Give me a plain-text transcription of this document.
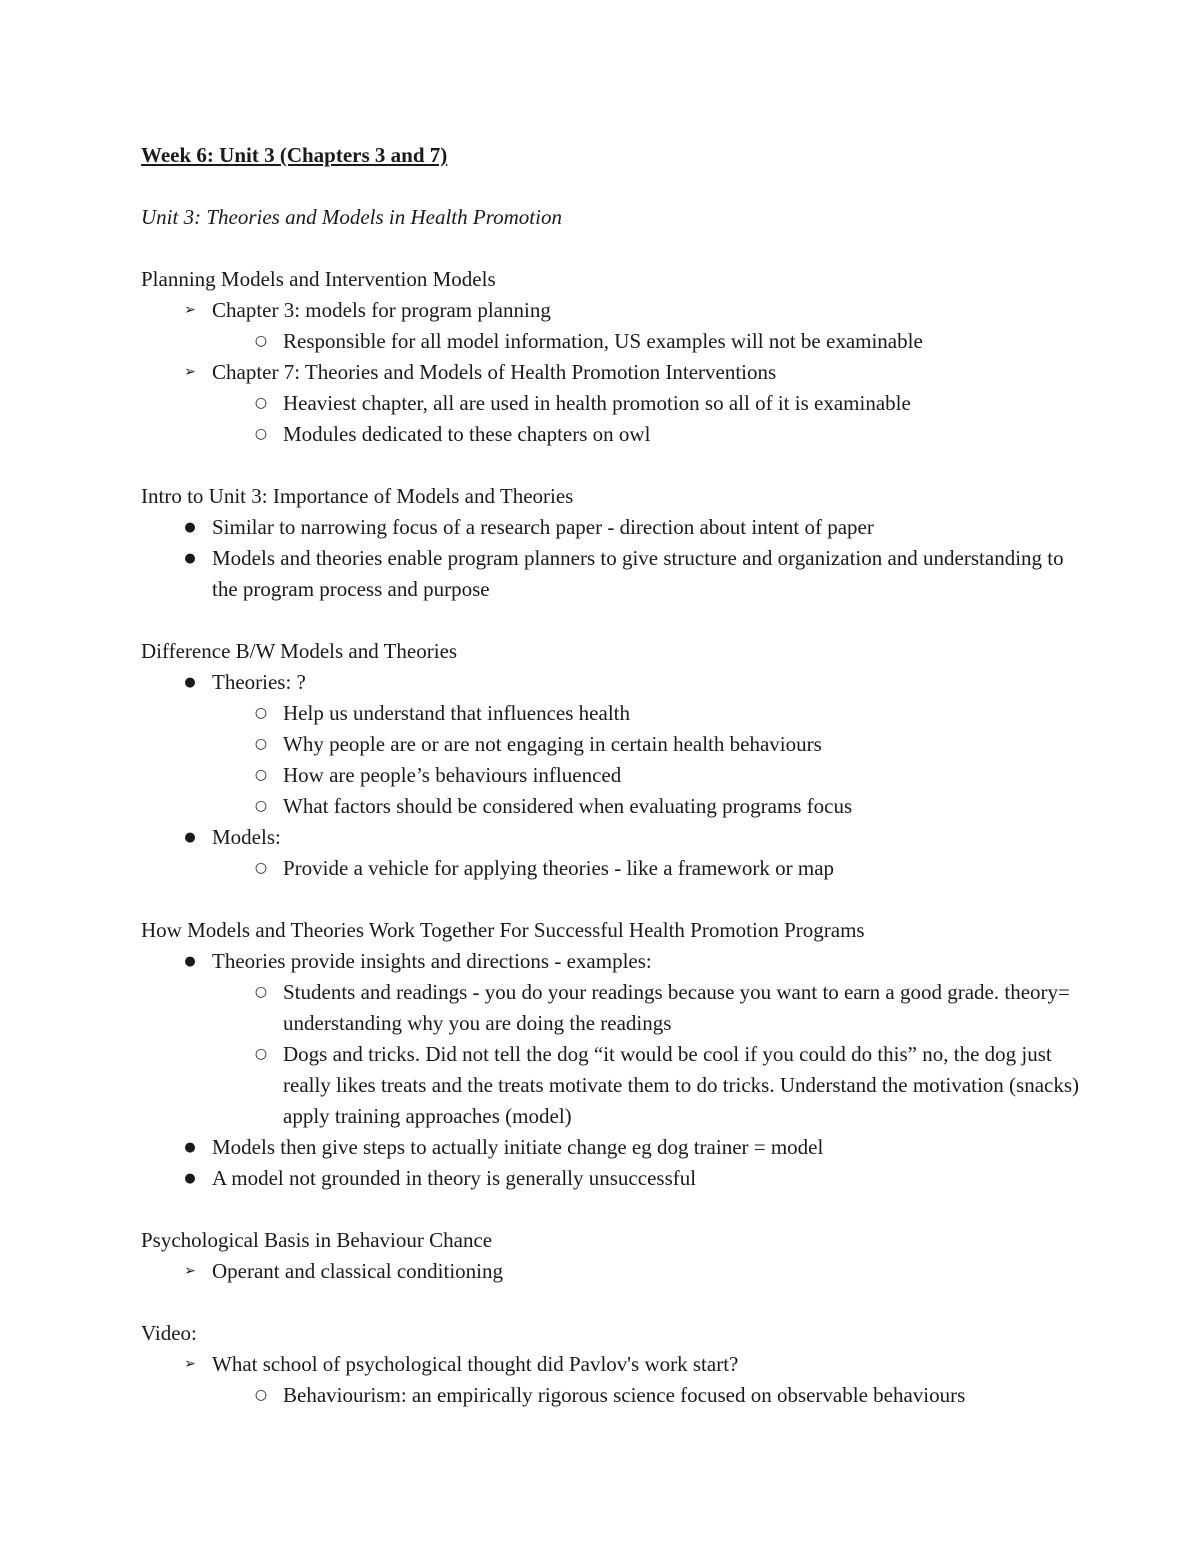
Week 6: Unit 3 (Chapters 3 and 7)
Unit 3: Theories and Models in Health Promotion
Planning Models and Intervention Models
➢ Chapter 3: models for program planning
○ Responsible for all model information, US examples will not be examinable
➢ Chapter 7: Theories and Models of Health Promotion Interventions
○ Heaviest chapter, all are used in health promotion so all of it is examinable
○ Modules dedicated to these chapters on owl
Intro to Unit 3: Importance of Models and Theories
● Similar to narrowing focus of a research paper - direction about intent of paper
● Models and theories enable program planners to give structure and organization and understanding to the program process and purpose
Difference B/W Models and Theories
● Theories: ?
○ Help us understand that influences health
○ Why people are or are not engaging in certain health behaviours
○ How are people’s behaviours influenced
○ What factors should be considered when evaluating programs focus
● Models:
○ Provide a vehicle for applying theories - like a framework or map
How Models and Theories Work Together For Successful Health Promotion Programs
● Theories provide insights and directions - examples:
○ Students and readings - you do your readings because you want to earn a good grade. theory= understanding why you are doing the readings
○ Dogs and tricks. Did not tell the dog “it would be cool if you could do this” no, the dog just really likes treats and the treats motivate them to do tricks. Understand the motivation (snacks) apply training approaches (model)
● Models then give steps to actually initiate change eg dog trainer = model
● A model not grounded in theory is generally unsuccessful
Psychological Basis in Behaviour Chance
➢ Operant and classical conditioning
Video:
➢ What school of psychological thought did Pavlov's work start?
○ Behaviourism: an empirically rigorous science focused on observable behaviours
